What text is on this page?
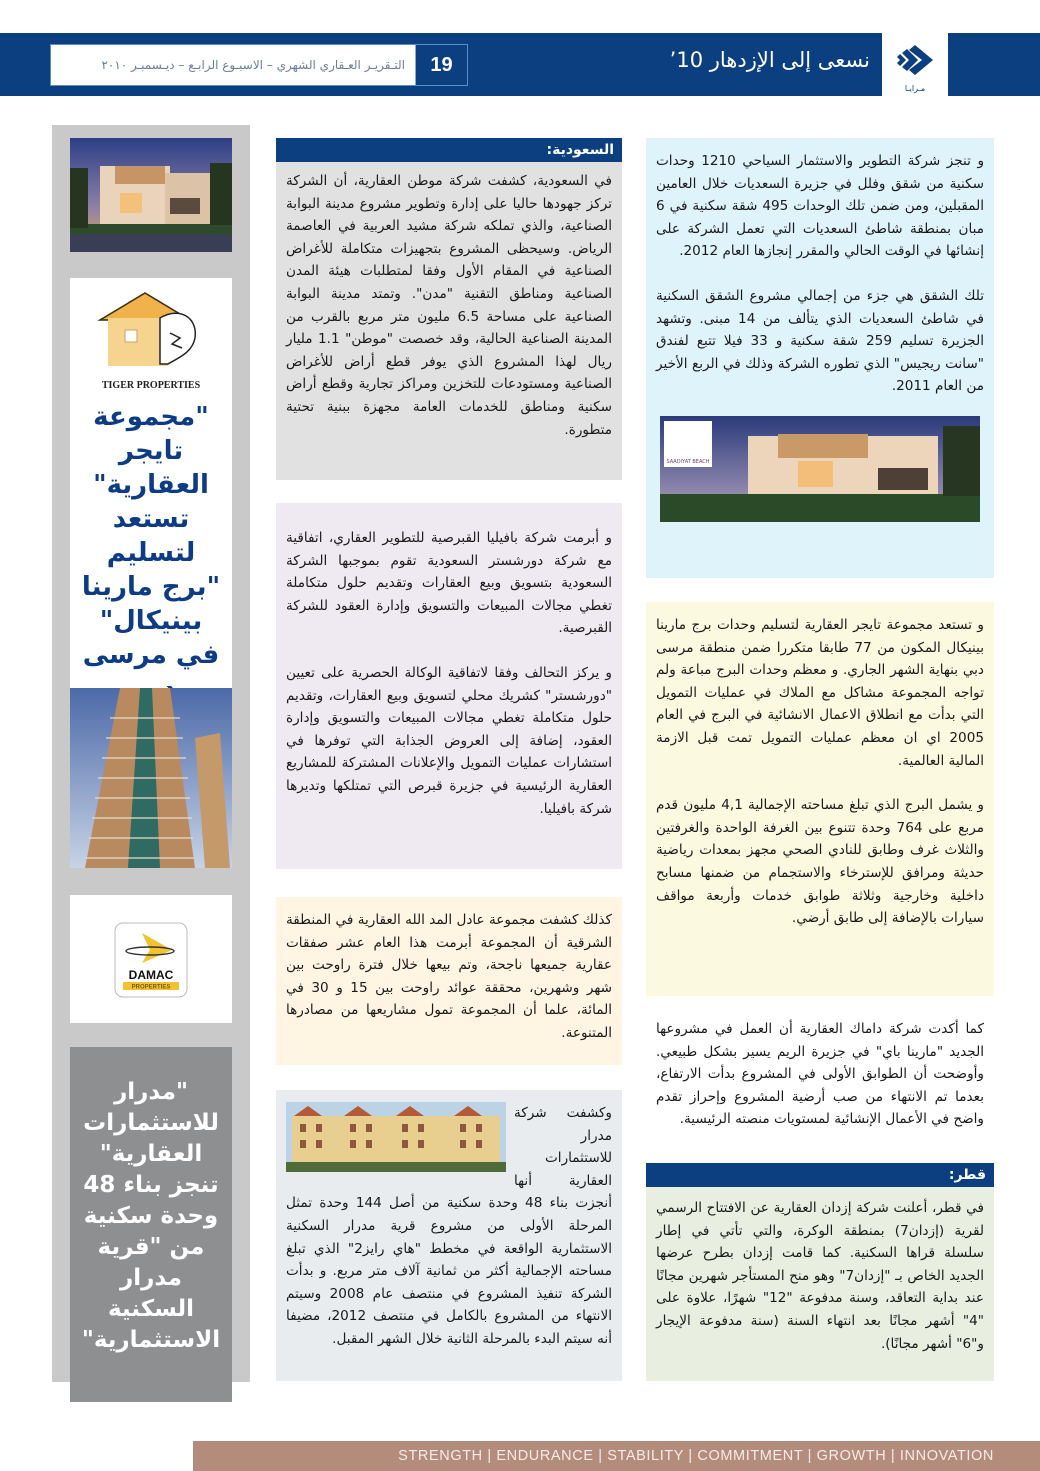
مـرايـا
نسعى إلى الإزدهار 10’
19
التـقريـر العـقاري الشهري – الاسبـوع الرابـع – ديـسمبـر ٢٠١٠
TIGER PROPERTIES
"مجموعة تايجر العقارية" تستعد لتسليم "برج مارينا بينيكال" في مرسى
DAMAC
PROPERTIES
"مدرار للاستثمارات العقارية" تنجز بناء 48 وحدة سكنية من "قرية مدرار السكنية الاستثمارية"

و تنجز شركة التطوير والاستثمار السياحي 1210 وحدات سكنية من شقق وفلل في جزيرة السعديات خلال العامين المقبلين، ومن ضمن تلك الوحدات 495 شقة سكنية في 6 مبان بمنطقة شاطئ السعديات التي تعمل الشركة على إنشائها في الوقت الحالي والمقرر إنجازها العام 2012.

تلك الشقق هي جزء من إجمالي مشروع الشقق السكنية في شاطئ السعديات الذي يتألف من 14 مبنى. وتشهد الجزيرة تسليم 259 شقة سكنية و 33 فيلا تتبع لفندق "سانت ريجيس" الذي تطوره الشركة وذلك في الربع الأخير من العام 2011.

SAADIYAT BEACH

و تستعد مجموعة تايجر العقارية لتسليم وحدات برج مارينا بينيكال المكون من 77 طابقا متكررا ضمن منطقة مرسى دبي بنهاية الشهر الجاري. و معظم وحدات البرج مباعة ولم تواجه المجموعة مشاكل مع الملاك في عمليات التمويل التي بدأت مع انطلاق الاعمال الانشائية في البرج في العام 2005 اي ان معظم عمليات التمويل تمت قبل الازمة المالية العالمية.

و يشمل البرج الذي تبلغ مساحته الإجمالية 4,1 مليون قدم مربع على 764 وحدة تتنوع بين الغرفة الواحدة والغرفتين والثلاث غرف وطابق للنادي الصحي مجهز بمعدات رياضية حديثة ومرافق للإسترخاء والاستجمام من ضمنها مسابح داخلية وخارجية وثلاثة طوابق خدمات وأربعة مواقف سيارات بالإضافة إلى طابق أرضي.

كما أكدت شركة داماك العقارية أن العمل في مشروعها الجديد "مارينا باي" في جزيرة الريم يسير بشكل طبيعي. وأوضحت أن الطوابق الأولى في المشروع بدأت الارتفاع، بعدما تم الانتهاء من صب أرضية المشروع وإحراز تقدم واضح في الأعمال الإنشائية لمستويات منصته الرئيسية.

قطر:

في قطر، أعلنت شركة إزدان العقارية عن الافتتاح الرسمي لقرية (إزدان7) بمنطقة الوكرة، والتي تأتي في إطار سلسلة قراها السكنية. كما قامت إزدان بطرح عرضها الجديد الخاص بـ "إزدان7" وهو منح المستأجر شهرين مجانًا عند بداية التعاقد، وسنة مدفوعة "12" شهرًا، علاوة على "4" أشهر مجانًا بعد انتهاء السنة (سنة مدفوعة الإيجار و"6" أشهر مجانًا).

السعودية:

في السعودية، كشفت شركة موطن العقارية، أن الشركة تركز جهودها حاليا على إدارة وتطوير مشروع مدينة البوابة الصناعية، والذي تملكه شركة مشيد العربية في العاصمة الرياض. وسيحظى المشروع بتجهيزات متكاملة للأغراض الصناعية في المقام الأول وفقا لمتطلبات هيئة المدن الصناعية ومناطق التقنية "مدن". وتمتد مدينة البوابة الصناعية على مساحة 6.5 مليون متر مربع بالقرب من المدينة الصناعية الحالية، وقد خصصت "موطن" 1.1 مليار ريال لهذا المشروع الذي يوفر قطع أراض للأغراض الصناعية ومستودعات للتخزين ومراكز تجارية وقطع أراض سكنية ومناطق للخدمات العامة مجهزة ببنية تحتية متطورة.

و أبرمت شركة بافيليا القبرصية للتطوير العقاري، اتفاقية مع شركة دورشستر السعودية تقوم بموجبها الشركة السعودية بتسويق وبيع العقارات وتقديم حلول متكاملة تغطي مجالات المبيعات والتسويق وإدارة العقود للشركة القبرصية.

و يركز التحالف وفقا لاتفاقية الوكالة الحصرية على تعيين "دورشستر" كشريك محلي لتسويق وبيع العقارات، وتقديم حلول متكاملة تغطي مجالات المبيعات والتسويق وإدارة العقود، إضافة إلى العروض الجذابة التي توفرها في استشارات عمليات التمويل والإعلانات المشتركة للمشاريع العقارية الرئيسية في جزيرة قبرص التي تمتلكها وتديرها شركة بافيليا.

كذلك كشفت مجموعة عادل المد الله العقارية في المنطقة الشرقية أن المجموعة أبرمت هذا العام عشر صفقات عقارية جميعها ناجحة، وتم بيعها خلال فترة راوحت بين شهر وشهرين، محققة عوائد راوحت بين 15 و 30 في المائة، علما أن المجموعة تمول مشاريعها من مصادرها المتنوعة.

وكشفت شركة مدرار للاستثمارات العقارية أنها أنجزت بناء 48 وحدة سكنية من أصل 144 وحدة تمثل المرحلة الأولى من مشروع قرية مدرار السكنية الاستثمارية الواقعة في مخطط "هاي رايز2" الذي تبلغ مساحته الإجمالية أكثر من ثمانية آلاف متر مربع. و بدأت الشركة تنفيذ المشروع في منتصف عام 2008 وسيتم الانتهاء من المشروع بالكامل في منتصف 2012، مضيفا أنه سيتم البدء بالمرحلة الثانية خلال الشهر المقبل.

STRENGTH | ENDURANCE | STABILITY | COMMITMENT | GROWTH | INNOVATION
